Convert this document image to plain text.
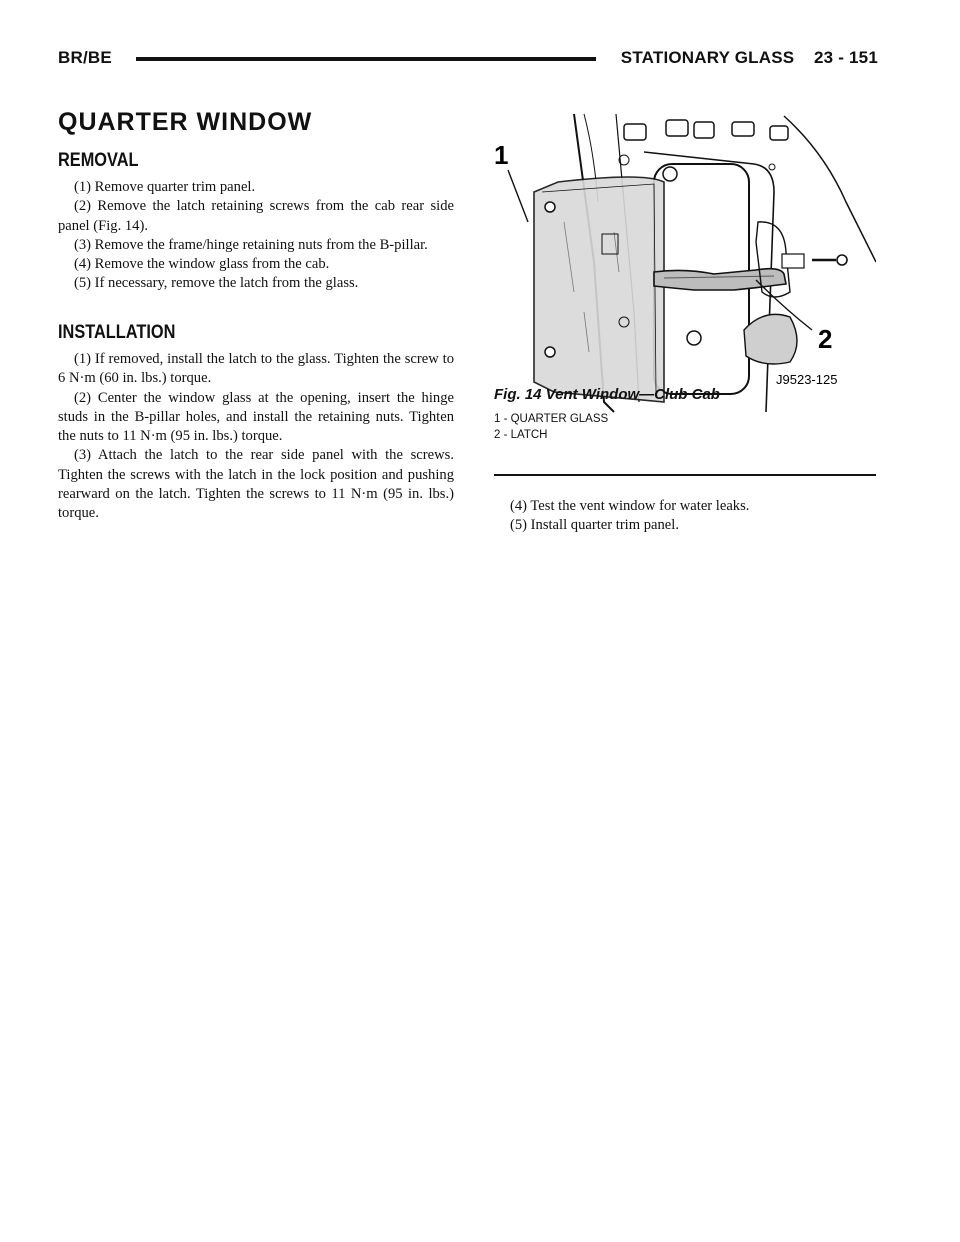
BR/BE	STATIONARY GLASS    23 - 151
QUARTER WINDOW
REMOVAL

(1) Remove quarter trim panel.

(2) Remove the latch retaining screws from the cab rear side panel (Fig. 14).

(3) Remove the frame/hinge retaining nuts from the B-pillar.

(4) Remove the window glass from the cab.

(5) If necessary, remove the latch from the glass.

INSTALLATION

(1) If removed, install the latch to the glass. Tighten the screw to 6 N·m (60 in. lbs.) torque.

(2) Center the window glass at the opening, insert the hinge studs in the B-pillar holes, and install the retaining nuts. Tighten the nuts to 11 N·m (95 in. lbs.) torque.

(3) Attach the latch to the rear side panel with the screws. Tighten the screws with the latch in the lock position and pushing rearward on the latch. Tighten the screws to 11 N·m (95 in. lbs.) torque.	(4) Test the vent window for water leaks.

(5) Install quarter trim panel.

1
2
J9523-125
Fig. 14 Vent Window—Club Cab
1 - QUARTER GLASS
2 - LATCH
